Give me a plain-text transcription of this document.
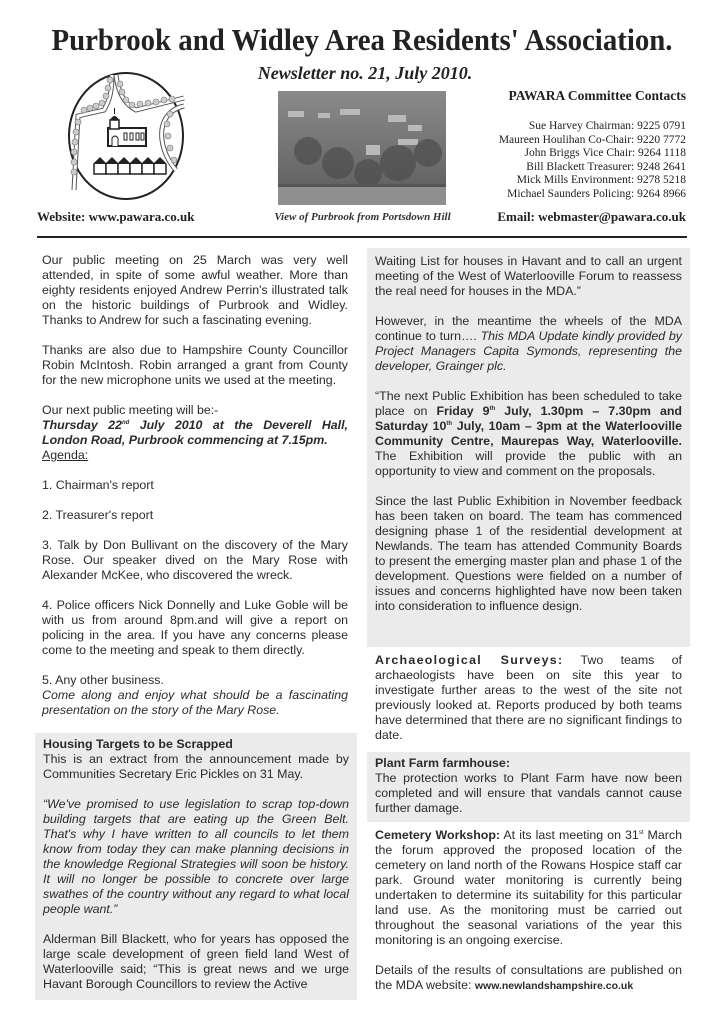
Purbrook and Widley Area Residents' Association.
Newsletter no. 21, July 2010.
View of Purbrook from Portsdown Hill
Website: www.pawara.co.uk
PAWARA Committee Contacts
Sue Harvey Chairman: 9225 0791
Maureen Houlihan Co-Chair: 9220 7772
John Briggs Vice Chair: 9264 1118
Bill Blackett Treasurer: 9248 2641
Mick Mills Environment: 9278 5218
Michael Saunders Policing: 9264 8966
Email: webmaster@pawara.co.uk

Our public meeting on 25 March was very well attended, in spite of some awful weather. More than eighty residents enjoyed Andrew Perrin's illustrated talk on the historic buildings of Purbrook and Widley. Thanks to Andrew for such a fascinating evening.

Thanks are also due to Hampshire County Councillor Robin McIntosh. Robin arranged a grant from County for the new microphone units we used at the meeting.

Our next public meeting will be:-

Thursday 22nd July 2010 at the Deverell Hall, London Road, Purbrook commencing at 7.15pm.

Agenda:

1. Chairman's report

2. Treasurer's report

3. Talk by Don Bullivant on the discovery of the Mary Rose. Our speaker dived on the Mary Rose with Alexander McKee, who discovered the wreck.

4. Police officers Nick Donnelly and Luke Goble will be with us from around 8pm.and will give a report on policing in the area. If you have any concerns please come to the meeting and speak to them directly.

5. Any other business.

Come along and enjoy what should be a fascinating presentation on the story of the Mary Rose.

Housing Targets to be Scrapped

This is an extract from the announcement made by Communities Secretary Eric Pickles on 31 May.

“We've promised to use legislation to scrap top-down building targets that are eating up the Green Belt. That's why I have written to all councils to let them know from today they can make planning decisions in the knowledge Regional Strategies will soon be history. It will no longer be possible to concrete over large swathes of the country without any regard to what local people want.”

Alderman Bill Blackett, who for years has opposed the large scale development of green field land West of Waterlooville said; “This is great news and we urge Havant Borough Councillors to review the Active

Waiting List for houses in Havant and to call an urgent meeting of the West of Waterlooville Forum to reassess the real need for houses in the MDA.”

However, in the meantime the wheels of the MDA continue to turn…. This MDA Update kindly provided by Project Managers Capita Symonds, representing the developer, Grainger plc.

“The next Public Exhibition has been scheduled to take place on Friday 9th July, 1.30pm – 7.30pm and Saturday 10th July, 10am – 3pm at the Waterlooville Community Centre, Maurepas Way, Waterlooville. The Exhibition will provide the public with an opportunity to view and comment on the proposals.

Since the last Public Exhibition in November feedback has been taken on board. The team has commenced designing phase 1 of the residential development at Newlands. The team has attended Community Boards to present the emerging master plan and phase 1 of the development. Questions were fielded on a number of issues and concerns highlighted have now been taken into consideration to influence design.

Archaeological Surveys: Two teams of archaeologists have been on site this year to investigate further areas to the west of the site not previously looked at. Reports produced by both teams have determined that there are no significant findings to date.

Plant Farm farmhouse:

The protection works to Plant Farm have now been completed and will ensure that vandals cannot cause further damage.

Cemetery Workshop: At its last meeting on 31st March the forum approved the proposed location of the cemetery on land north of the Rowans Hospice staff car park. Ground water monitoring is currently being undertaken to determine its suitability for this particular land use. As the monitoring must be carried out throughout the seasonal variations of the year this monitoring is an ongoing exercise.

Details of the results of consultations are published on the MDA website: www.newlandshampshire.co.uk
